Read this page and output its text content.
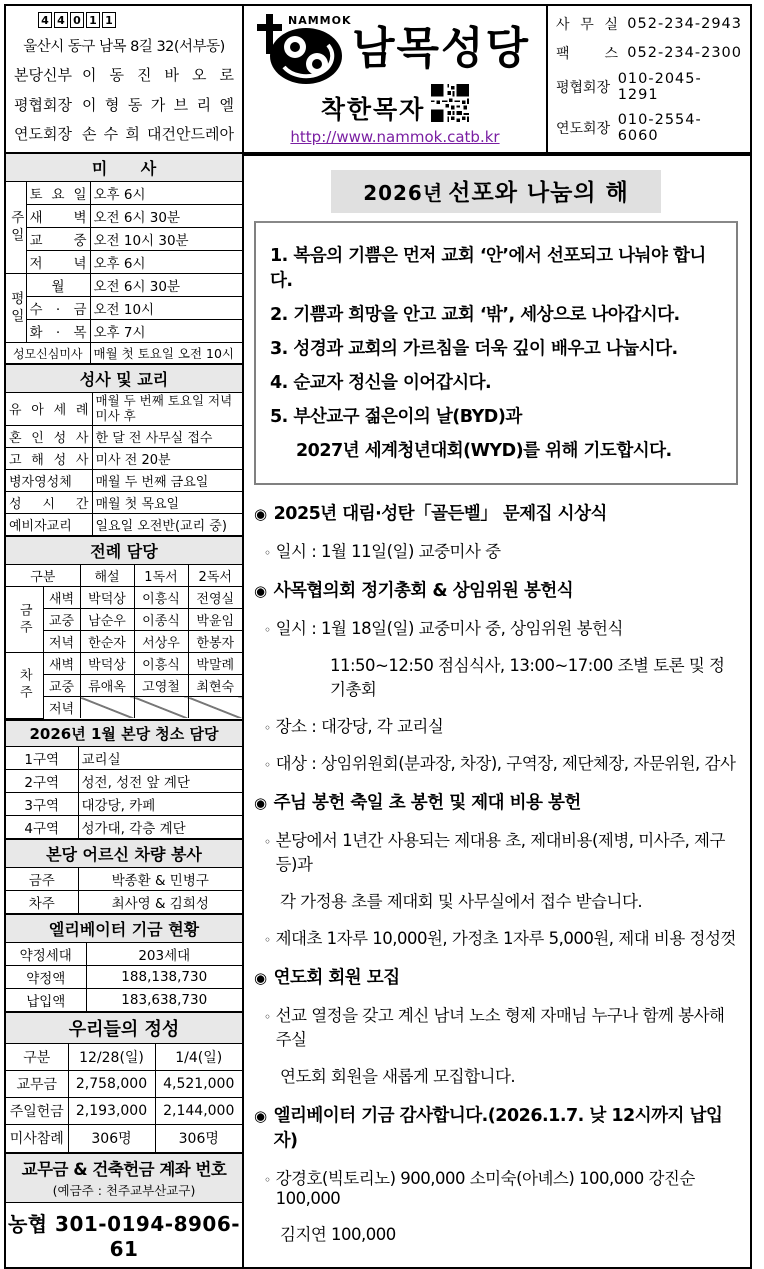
4 4 0 1 1
울산시 동구 남목 8길 32(서부동)
본당신부 이 동 진 바 오 로
평협회장 이 형 동 가 브 리 엘
연도회장 손 수 희 대건안드레아
NAMMOK
남목성당
착한목자
http://www.nammok.catb.kr
사 무 실 052-234-2943
팩    스 052-234-2300
평협회장
010-2045-1291
연도회장
010-2554-6060
미      사
주일	토 요 일	오후 6시
	새 벽	오전 6시 30분
	교 중	오전 10시 30분
	저 녁	오후 6시
평일	월	오전 6시 30분
	수 · 금	오전 10시
	화 · 목	오후 7시
성모신심미사		매월 첫 토요일 오전 10시
성사 및 교리
유 아 세 례	매월 두 번째 토요일 저녁 미사 후
혼 인 성 사	한 달 전 사무실 접수
고 해 성 사	미사 전 20분
병자영성체	매월 두 번째 금요일
성 시 간	매월 첫 목요일
예비자교리	일요일 오전반(교리 중)
전례 담당
구분		해설	1독서	2독서
금주	새벽	박덕상	이흥식	전영실
	교중	남순우	이종식	박윤임
	저녁	한순자	서상우	한봉자
차주	새벽	박덕상	이흥식	박말례
	교중	류애옥	고영철	최현숙
	저녁			
2026년 1월 본당 청소 담당
1구역	교리실
2구역	성전, 성전 앞 계단
3구역	대강당, 카페
4구역	성가대, 각층 계단
본당 어르신 차량 봉사
금주	박종환 & 민병구
차주	최사영 & 김희성
엘리베이터 기금 현황
약정세대	203세대
약정액	188,138,730
납입액	183,638,730
우리들의 정성
구분	12/28(일)	1/4(일)
교무금	2,758,000	4,521,000
주일헌금	2,193,000	2,144,000
미사참례	306명	306명
교무금 & 건축헌금 계좌 번호
(예금주 : 천주교부산교구)
농협 301-0194-8906-61
2026년 선포와 나눔의 해
1. 복음의 기쁨은 먼저 교회 ‘안’에서 선포되고 나눠야 합니다.
2. 기쁨과 희망을 안고 교회 ‘밖’, 세상으로 나아갑시다.
3. 성경과 교회의 가르침을 더욱 깊이 배우고 나눕시다.
4. 순교자 정신을 이어갑시다.
5. 부산교구 젊은이의 날(BYD)과
2027년 세계청년대회(WYD)를 위해 기도합시다.
◉ 2025년 대림·성탄「골든벨」 문제집 시상식
◦ 일시 : 1월 11일(일) 교중미사 중
◉ 사목협의회 정기총회 & 상임위원 봉헌식
◦ 일시 : 1월 18일(일) 교중미사 중, 상임위원 봉헌식
11:50~12:50 점심식사, 13:00~17:00 조별 토론 및 정기총회
◦ 장소 : 대강당, 각 교리실
◦ 대상 : 상임위원회(분과장, 차장), 구역장, 제단체장, 자문위원, 감사
◉ 주님 봉헌 축일 초 봉헌 및 제대 비용 봉헌
◦ 본당에서 1년간 사용되는 제대용 초, 제대비용(제병, 미사주, 제구 등)과
각 가정용 초를 제대회 및 사무실에서 접수 받습니다.
◦ 제대초 1자루 10,000원, 가정초 1자루 5,000원, 제대 비용 정성껏
◉ 연도회 회원 모집
◦ 선교 열정을 갖고 계신 남녀 노소 형제 자매님 누구나 함께 봉사해 주실
연도회 회원을 새롭게 모집합니다.
◉ 엘리베이터 기금 감사합니다.(2026.1.7. 낮 12시까지 납입자)
◦ 강경호(빅토리노) 900,000 소미숙(아녜스) 100,000 강진순 100,000
김지연 100,000
